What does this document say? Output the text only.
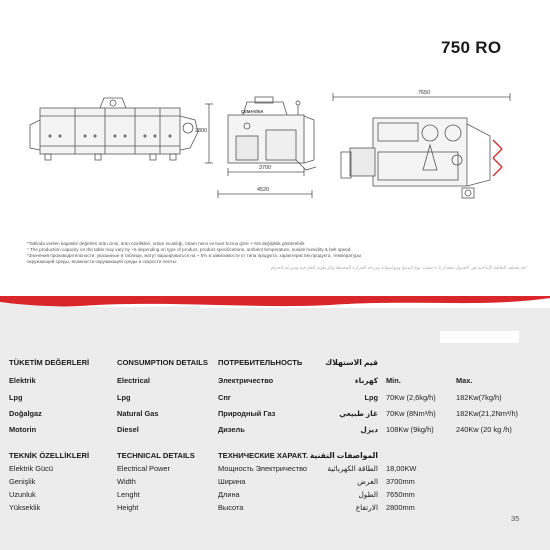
750 RO
2800
3700
4520
7650
ÇEMAKİNA
*Tabloda verilen kapasite değerleri ürün cinsi, ürün özellikleri, ortam sıcaklığı, ortam nemi ve bant hızına göre +-%5 değişiklik gösterebilir.
* The production capacity on the table may vary by +5 depending on type of product, product specifications, ambient temperature, ouside humidity & belt speed.
*Значения производительности, указанные в таблице, могут варьироваться на + 5% в зависимости от типа продукта, характеристик продукта, температуры
окружающей среды, влажности окружающей среды и скорости ленты.
*قد تختلف الطاقة الإنتاجية في الجدول بمقدار ٥ ± حسب نوع المنتج ومواصفاته ودرجة الحرارة المحيطة والرطوبة الخارجية وسرعة الحزام
TÜKETİM DEĞERLERİ	CONSUMPTION DETAILS ПОТРЕБИТЕЛЬНОСТЬ	قيم الاستهلاك
Min.	Max.
Elektrik	Electrical	Электричество	كهرباء
Lpg	Lpg	Спг	Lpg 70Kw (2,6kg/h)	182Kw(7kg/h)
Doğalgaz	Natural Gas	Природный Газ	غاز طبيعي 70Kw (8Nm³/h)	182Kw(21,2Nm³/h)
Motorin	Diesel	Дизель	ديزل 108Kw (9kg/h)	240Kw (20 kg /h)
TEKNİK ÖZELLİKLERİ	TECHNICAL DETAILS	ТЕХНИЧЕСКИЕ ХАРАКТ. المواصفات التقنية
Elektrik Gücü	Electrical Power	Мощность Электричество	الطاقة الكهربائية 18,00KW
Genişlik	Width	Ширина	العرض 3700mm
Uzunluk	Lenght	Длина	الطول 7650mm
Yükseklik	Height	Высота	الارتفاع 2800mm
35
